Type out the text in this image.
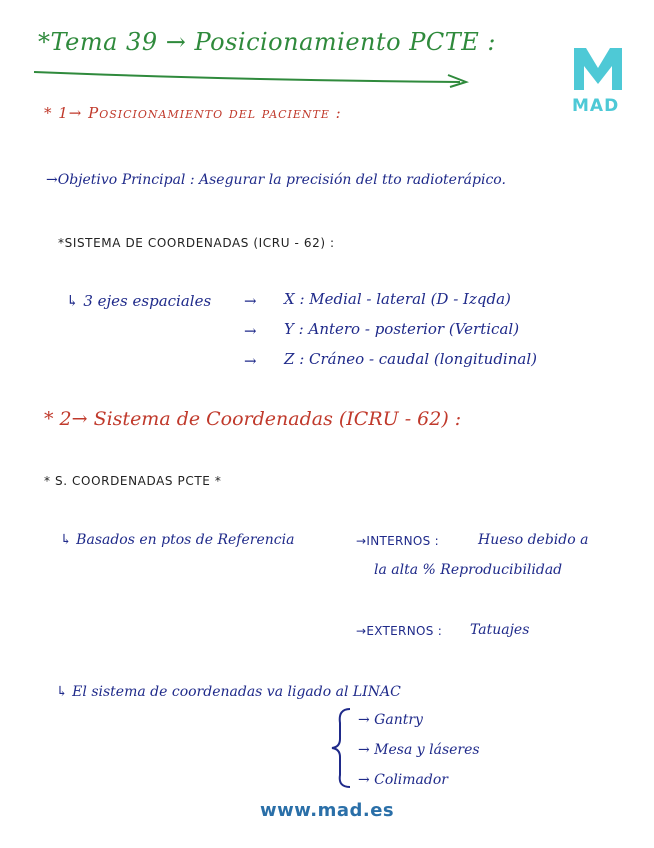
*Tema 39 → Posicionamiento PCTE :
MAD
* 1→ Posicionamiento del paciente :
→Objetivo Principal : Asegurar la precisión del tto radioterápico.
*SISTEMA DE COORDENADAS (ICRU - 62) :
↳ 3 ejes espaciales → X : Medial - lateral (D - Izqda)
→ Y : Antero - posterior (Vertical)
→ Z : Cráneo - caudal (longitudinal)
* 2→ Sistema de Coordenadas (ICRU - 62) :
* S. COORDENADAS PCTE *
↳ Basados en ptos de Referencia	→INTERNOS :	Hueso debido a
la alta % Reproducibilidad
→EXTERNOS : Tatuajes
↳ El sistema de coordenadas va ligado al LINAC
→ Gantry
→ Mesa y láseres
→ Colimador
www.mad.es
